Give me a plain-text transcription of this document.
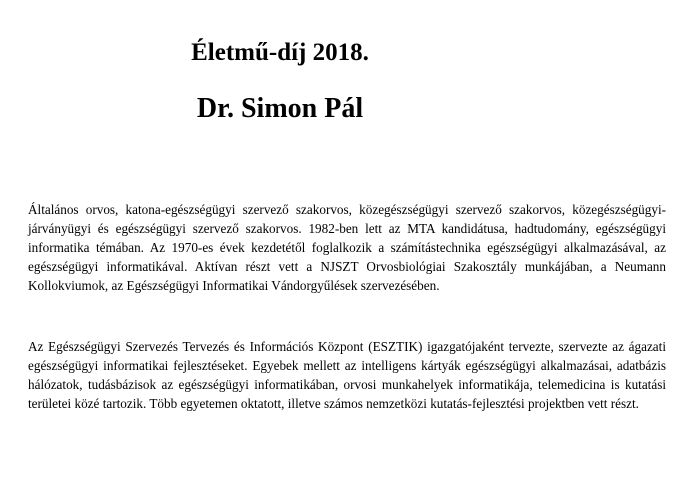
Életmű-díj 2018.
Dr. Simon Pál

Általános orvos, katona-egészségügyi szervező szakorvos, közegészségügyi szervező szakorvos, közegészségügyi-járványügyi és egészségügyi szervező szakorvos. 1982-ben lett az MTA kandidátusa, hadtudomány, egészségügyi informatika témában. Az 1970-es évek kezdetétől foglalkozik a számítástechnika egészségügyi alkalmazásával, az egészségügyi informatikával. Aktívan részt vett a NJSZT Orvosbiológiai Szakosztály munkájában, a Neumann Kollokviumok, az Egészségügyi Informatikai Vándorgyűlések szervezésében.

Az Egészségügyi Szervezés Tervezés és Információs Központ (ESZTIK) igazgatójaként tervezte, szervezte az ágazati egészségügyi informatikai fejlesztéseket. Egyebek mellett az intelligens kártyák egészségügyi alkalmazásai, adatbázis hálózatok, tudásbázisok az egészségügyi informatikában, orvosi munkahelyek informatikája, telemedicina is kutatási területei közé tartozik. Több egyetemen oktatott, illetve számos nemzetközi kutatás-fejlesztési projektben vett részt.
